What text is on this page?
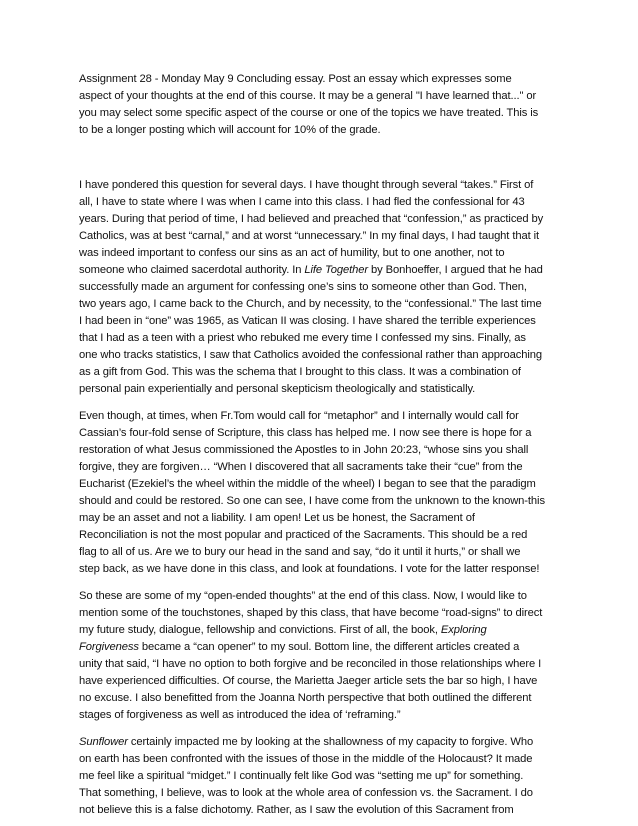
Assignment 28 - Monday May 9 Concluding essay. Post an essay which expresses some
aspect of your thoughts at the end of this course. It may be a general "I have learned that..." or
you may select some specific aspect of the course or one of the topics we have treated. This is
to be a longer posting which will account for 10% of the grade.

I have pondered this question for several days. I have thought through several “takes.” First of
all, I have to state where I was when I came into this class. I had fled the confessional for 43
years. During that period of time, I had believed and preached that “confession,” as practiced by
Catholics, was at best “carnal,” and at worst “unnecessary.” In my final days, I had taught that it
was indeed important to confess our sins as an act of humility, but to one another, not to
someone who claimed sacerdotal authority. In Life Together by Bonhoeffer, I argued that he had
successfully made an argument for confessing one’s sins to someone other than God. Then,
two years ago, I came back to the Church, and by necessity, to the “confessional.” The last time
I had been in “one” was 1965, as Vatican II was closing. I have shared the terrible experiences
that I had as a teen with a priest who rebuked me every time I confessed my sins. Finally, as
one who tracks statistics, I saw that Catholics avoided the confessional rather than approaching
as a gift from God. This was the schema that I brought to this class. It was a combination of
personal pain experientially and personal skepticism theologically and statistically.

Even though, at times, when Fr.Tom would call for “metaphor” and I internally would call for
Cassian’s four-fold sense of Scripture, this class has helped me. I now see there is hope for a
restoration of what Jesus commissioned the Apostles to in John 20:23, “whose sins you shall
forgive, they are forgiven… “When I discovered that all sacraments take their “cue” from the
Eucharist (Ezekiel’s the wheel within the middle of the wheel) I began to see that the paradigm
should and could be restored. So one can see, I have come from the unknown to the known-this
may be an asset and not a liability. I am open! Let us be honest, the Sacrament of
Reconciliation is not the most popular and practiced of the Sacraments. This should be a red
flag to all of us. Are we to bury our head in the sand and say, “do it until it hurts,” or shall we
step back, as we have done in this class, and look at foundations. I vote for the latter response!

So these are some of my “open-ended thoughts” at the end of this class. Now, I would like to
mention some of the touchstones, shaped by this class, that have become “road-signs” to direct
my future study, dialogue, fellowship and convictions. First of all, the book, Exploring
Forgiveness became a “can opener” to my soul. Bottom line, the different articles created a
unity that said, “I have no option to both forgive and be reconciled in those relationships where I
have experienced difficulties. Of course, the Marietta Jaeger article sets the bar so high, I have
no excuse. I also benefitted from the Joanna North perspective that both outlined the different
stages of forgiveness as well as introduced the idea of ‘reframing.”

Sunflower certainly impacted me by looking at the shallowness of my capacity to forgive. Who
on earth has been confronted with the issues of those in the middle of the Holocaust? It made
me feel like a spiritual “midget.” I continually felt like God was “setting me up” for something.
That something, I believe, was to look at the whole area of confession vs. the Sacrament. I do
not believe this is a false dichotomy. Rather, as I saw the evolution of this Sacrament from
